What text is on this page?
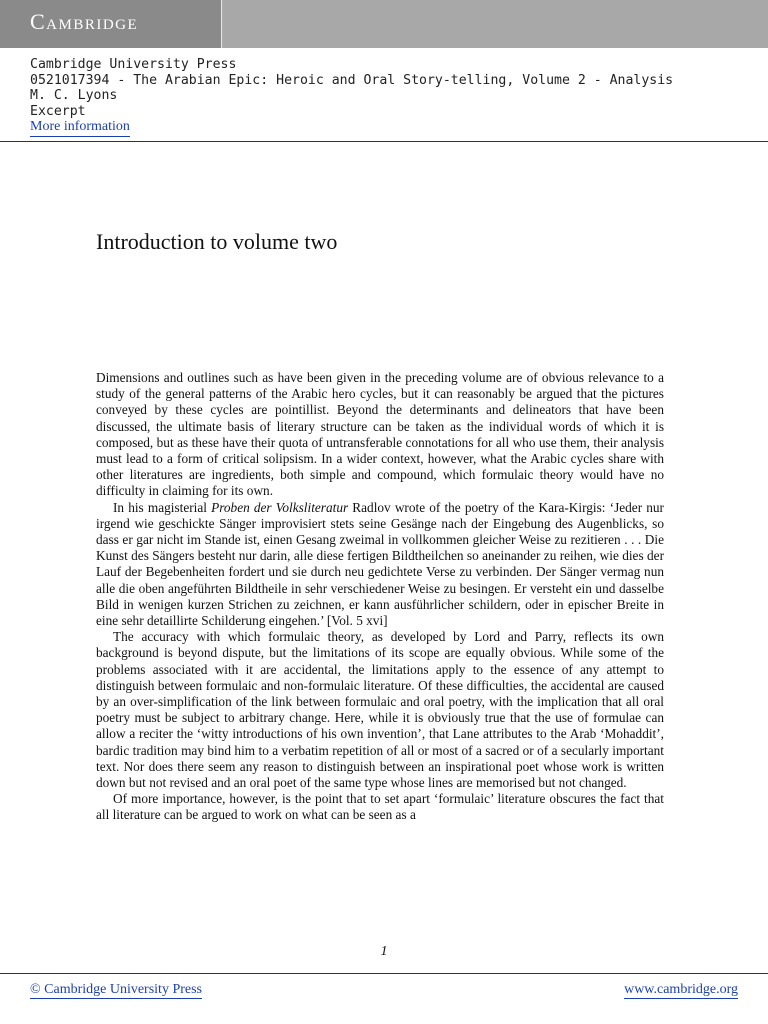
Cambridge
Cambridge University Press
0521017394 - The Arabian Epic: Heroic and Oral Story-telling, Volume 2 - Analysis
M. C. Lyons
Excerpt
More information
Introduction to volume two

Dimensions and outlines such as have been given in the preceding volume are of obvious relevance to a study of the general patterns of the Arabic hero cycles, but it can reasonably be argued that the pictures conveyed by these cycles are pointillist. Beyond the determinants and delineators that have been discussed, the ultimate basis of literary structure can be taken as the individual words of which it is composed, but as these have their quota of untransferable connotations for all who use them, their analysis must lead to a form of critical solipsism. In a wider context, however, what the Arabic cycles share with other literatures are ingredients, both simple and compound, which formulaic theory would have no difficulty in claiming for its own.

In his magisterial Proben der Volksliteratur Radlov wrote of the poetry of the Kara-Kirgis: ‘Jeder nur irgend wie geschickte Sänger improvisiert stets seine Gesänge nach der Eingebung des Augenblicks, so dass er gar nicht im Stande ist, einen Gesang zweimal in vollkommen gleicher Weise zu rezitieren . . . Die Kunst des Sängers besteht nur darin, alle diese fertigen Bildtheilchen so aneinander zu reihen, wie dies der Lauf der Begebenheiten fordert und sie durch neu gedichtete Verse zu verbinden. Der Sänger vermag nun alle die oben angeführten Bildtheile in sehr verschiedener Weise zu besingen. Er versteht ein und dasselbe Bild in wenigen kurzen Strichen zu zeichnen, er kann ausführlicher schildern, oder in epischer Breite in eine sehr detaillirte Schilderung eingehen.’ [Vol. 5 xvi]

The accuracy with which formulaic theory, as developed by Lord and Parry, reflects its own background is beyond dispute, but the limitations of its scope are equally obvious. While some of the problems associated with it are accidental, the limitations apply to the essence of any attempt to distinguish between formulaic and non-formulaic literature. Of these difficulties, the accidental are caused by an over-simplification of the link between formulaic and oral poetry, with the implication that all oral poetry must be subject to arbitrary change. Here, while it is obviously true that the use of formulae can allow a reciter the ‘witty introductions of his own invention’, that Lane attributes to the Arab ‘Mohaddit’, bardic tradition may bind him to a verbatim repetition of all or most of a sacred or of a secularly important text. Nor does there seem any reason to distinguish between an inspirational poet whose work is written down but not revised and an oral poet of the same type whose lines are memorised but not changed.

Of more importance, however, is the point that to set apart ‘formulaic’ literature obscures the fact that all literature can be argued to work on what can be seen as a

1
© Cambridge University Press	www.cambridge.org
